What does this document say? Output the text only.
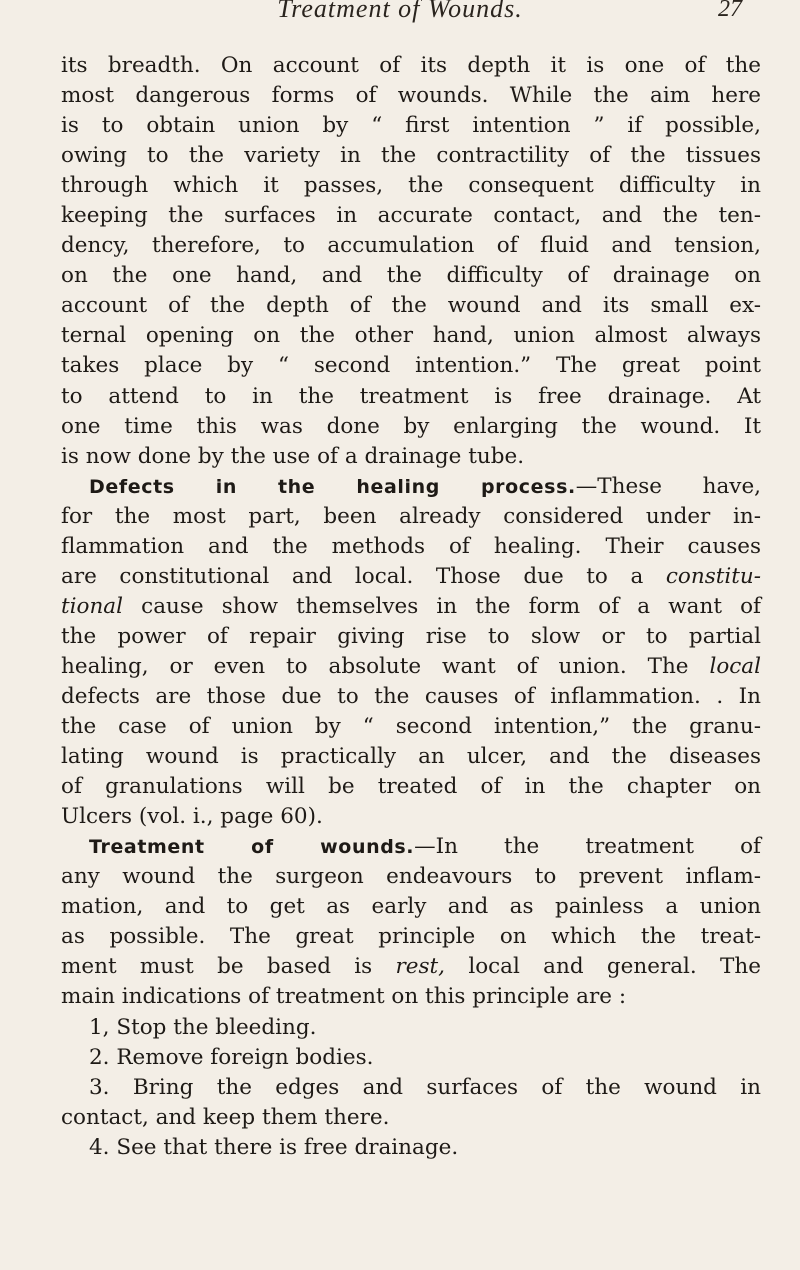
Treatment of Wounds.	27
its breadth. On account of its depth it is one of the
most dangerous forms of wounds. While the aim here
is to obtain union by “ first intention ” if possible,
owing to the variety in the contractility of the tissues
through which it passes, the consequent difficulty in
keeping the surfaces in accurate contact, and the ten-
dency, therefore, to accumulation of fluid and tension,
on the one hand, and the difficulty of drainage on
account of the depth of the wound and its small ex-
ternal opening on the other hand, union almost always
takes place by “ second intention.” The great point
to attend to in the treatment is free drainage. At
one time this was done by enlarging the wound. It
is now done by the use of a drainage tube.
Defects in the healing process.—These have,
for the most part, been already considered under in-
flammation and the methods of healing. Their causes
are constitutional and local. Those due to a constitu-
tional cause show themselves in the form of a want of
the power of repair giving rise to slow or to partial
healing, or even to absolute want of union. The local
defects are those due to the causes of inflammation. . In
the case of union by “ second intention,” the granu-
lating wound is practically an ulcer, and the diseases
of granulations will be treated of in the chapter on
Ulcers (vol. i., page 60).
Treatment of wounds.—In the treatment of
any wound the surgeon endeavours to prevent inflam-
mation, and to get as early and as painless a union
as possible. The great principle on which the treat-
ment must be based is rest, local and general. The
main indications of treatment on this principle are :
1, Stop the bleeding.
2. Remove foreign bodies.
3. Bring the edges and surfaces of the wound in
contact, and keep them there.
4. See that there is free drainage.
